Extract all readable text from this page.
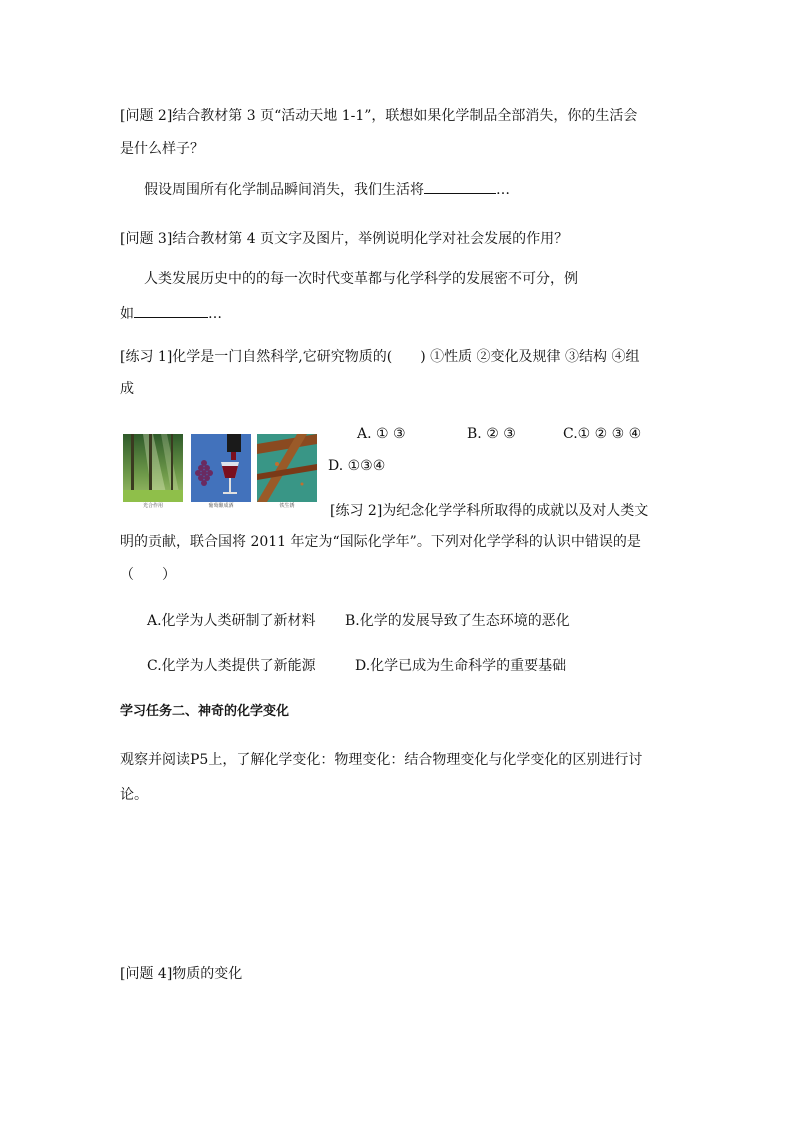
[问题 2]结合教材第 3 页“活动天地 1-1”，联想如果化学制品全部消失，你的生活会
是什么样子？
假设周围所有化学制品瞬间消失，我们生活将	…
[问题 3]结合教材第 4 页文字及图片，举例说明化学对社会发展的作用？
人类发展历史中的的每一次时代变革都与化学科学的发展密不可分，例
如	…
[练习 1]化学是一门自然科学,它研究物质的(　　) ①性质 ②变化及规律 ③结构 ④组
成
光合作用	葡萄酿成酒	铁生锈
A. ① ③	B. ② ③	C.① ② ③ ④
D. ①③④
[练习 2]为纪念化学学科所取得的成就以及对人类文
明的贡献，联合国将 2011 年定为“国际化学年”。下列对化学学科的认识中错误的是
（　　）
A.化学为人类研制了新材料 B.化学的发展导致了生态环境的恶化
C.化学为人类提供了新能源	D.化学已成为生命科学的重要基础
学习任务二、神奇的化学变化
观察并阅读P5上，了解化学变化：物理变化：结合物理变化与化学变化的区别进行讨
论。
[问题 4]物质的变化
